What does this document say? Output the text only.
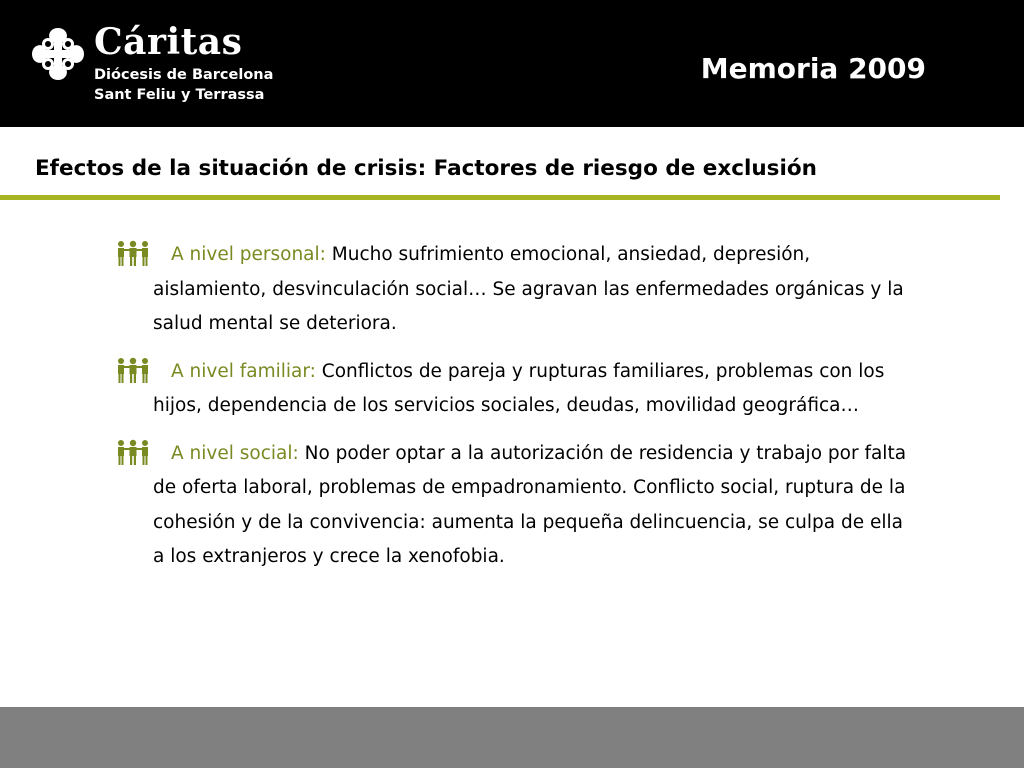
Cáritas
Diócesis de Barcelona
Sant Feliu y Terrassa
Memoria 2009
Efectos de la situación de crisis: Factores de riesgo de exclusión
A nivel personal: Mucho sufrimiento emocional, ansiedad, depresión, aislamiento, desvinculación social… Se agravan las enfermedades orgánicas y la salud mental se deteriora.
A nivel familiar: Conflictos de pareja y rupturas familiares, problemas con los hijos, dependencia de los servicios sociales, deudas, movilidad geográfica…
A nivel social: No poder optar a la autorización de residencia y trabajo por falta de oferta laboral, problemas de empadronamiento. Conflicto social, ruptura de la cohesión y de la convivencia: aumenta la pequeña delincuencia, se culpa de ella a los extranjeros y crece la xenofobia.
